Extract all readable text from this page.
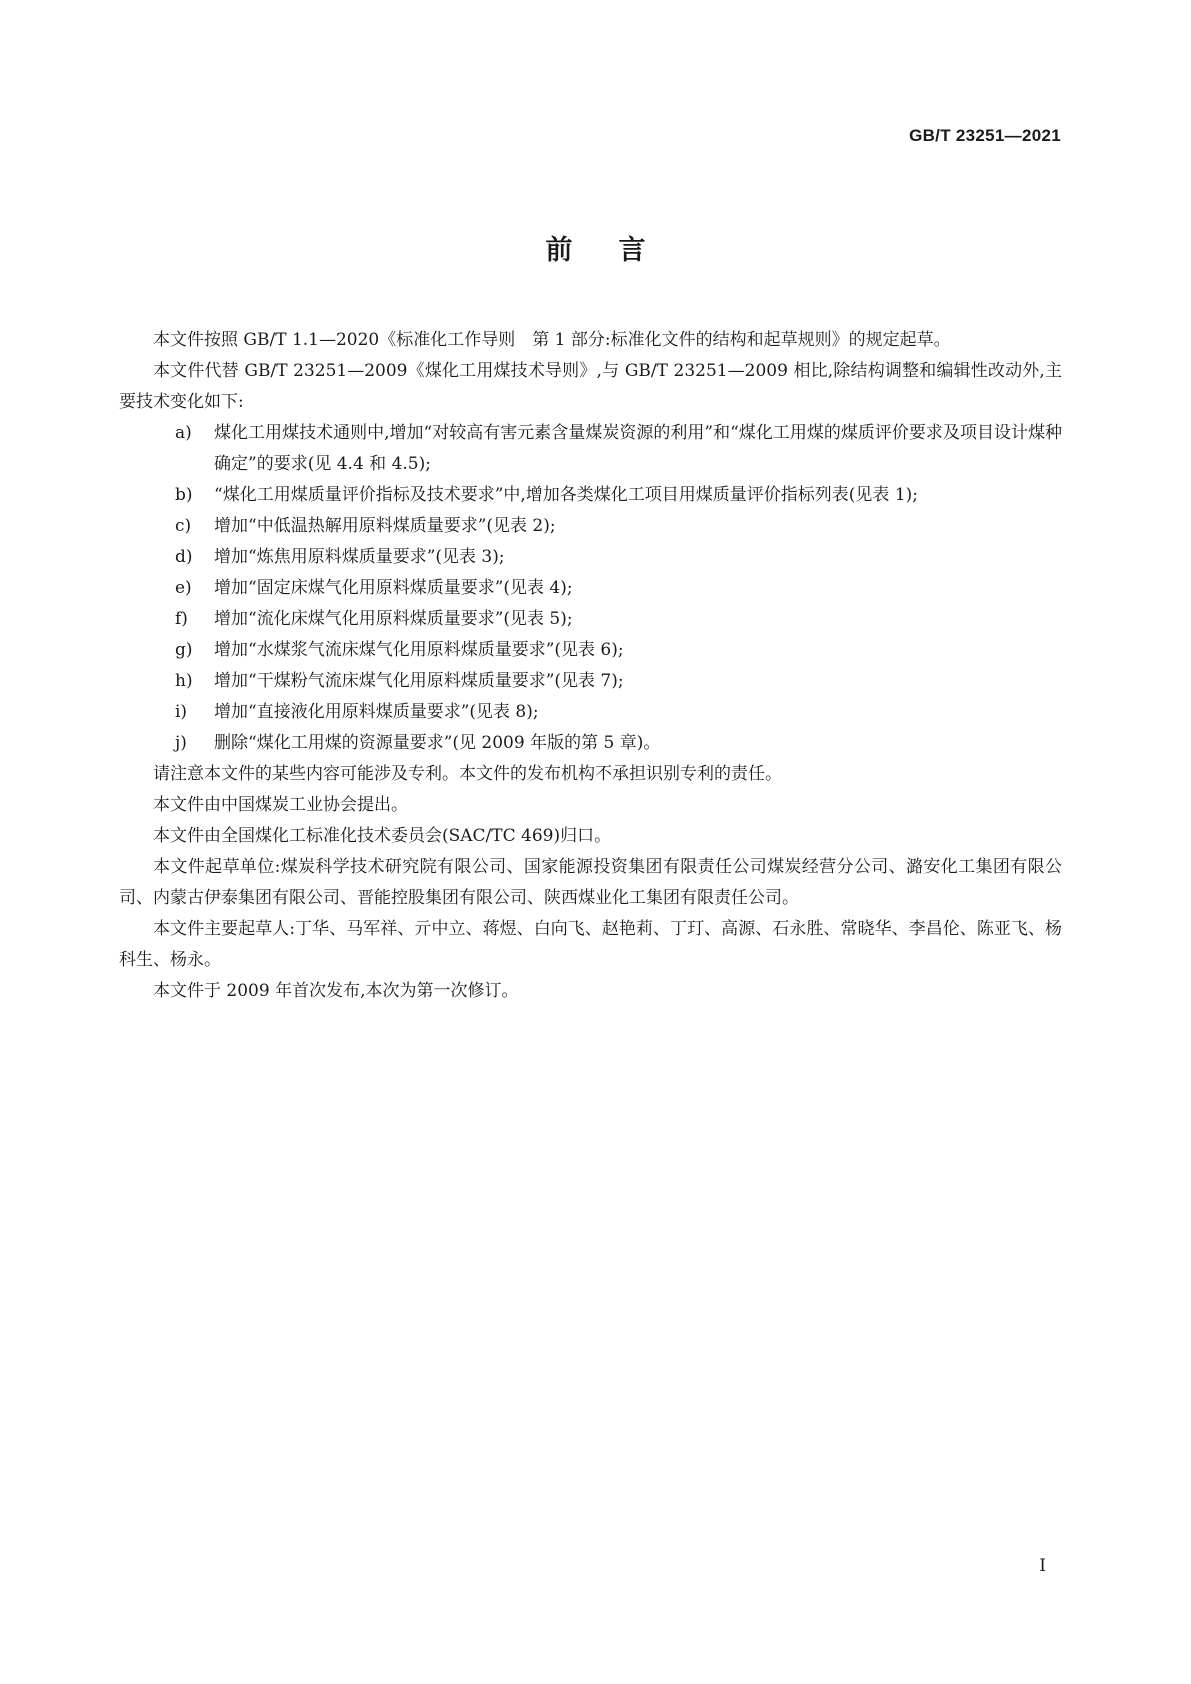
GB/T 23251—2021
前言

本文件按照 GB/T 1.1—2020《标准化工作导则　第 1 部分:标准化文件的结构和起草规则》的规定起草。

本文件代替 GB/T 23251—2009《煤化工用煤技术导则》,与 GB/T 23251—2009 相比,除结构调整和编辑性改动外,主要技术变化如下:

a)	煤化工用煤技术通则中,增加“对较高有害元素含量煤炭资源的利用”和“煤化工用煤的煤质评价要求及项目设计煤种确定”的要求(见 4.4 和 4.5);
b)	“煤化工用煤质量评价指标及技术要求”中,增加各类煤化工项目用煤质量评价指标列表(见表 1);
c)	增加“中低温热解用原料煤质量要求”(见表 2);
d)	增加“炼焦用原料煤质量要求”(见表 3);
e)	增加“固定床煤气化用原料煤质量要求”(见表 4);
f)	增加“流化床煤气化用原料煤质量要求”(见表 5);
g)	增加“水煤浆气流床煤气化用原料煤质量要求”(见表 6);
h)	增加“干煤粉气流床煤气化用原料煤质量要求”(见表 7);
i)	增加“直接液化用原料煤质量要求”(见表 8);
j)	删除“煤化工用煤的资源量要求”(见 2009 年版的第 5 章)。

请注意本文件的某些内容可能涉及专利。本文件的发布机构不承担识别专利的责任。

本文件由中国煤炭工业协会提出。

本文件由全国煤化工标准化技术委员会(SAC/TC 469)归口。

本文件起草单位:煤炭科学技术研究院有限公司、国家能源投资集团有限责任公司煤炭经营分公司、潞安化工集团有限公司、内蒙古伊泰集团有限公司、晋能控股集团有限公司、陕西煤业化工集团有限责任公司。

本文件主要起草人:丁华、马军祥、亓中立、蒋煜、白向飞、赵艳莉、丁玎、高源、石永胜、常晓华、李昌伦、陈亚飞、杨科生、杨永。

本文件于 2009 年首次发布,本次为第一次修订。

I
